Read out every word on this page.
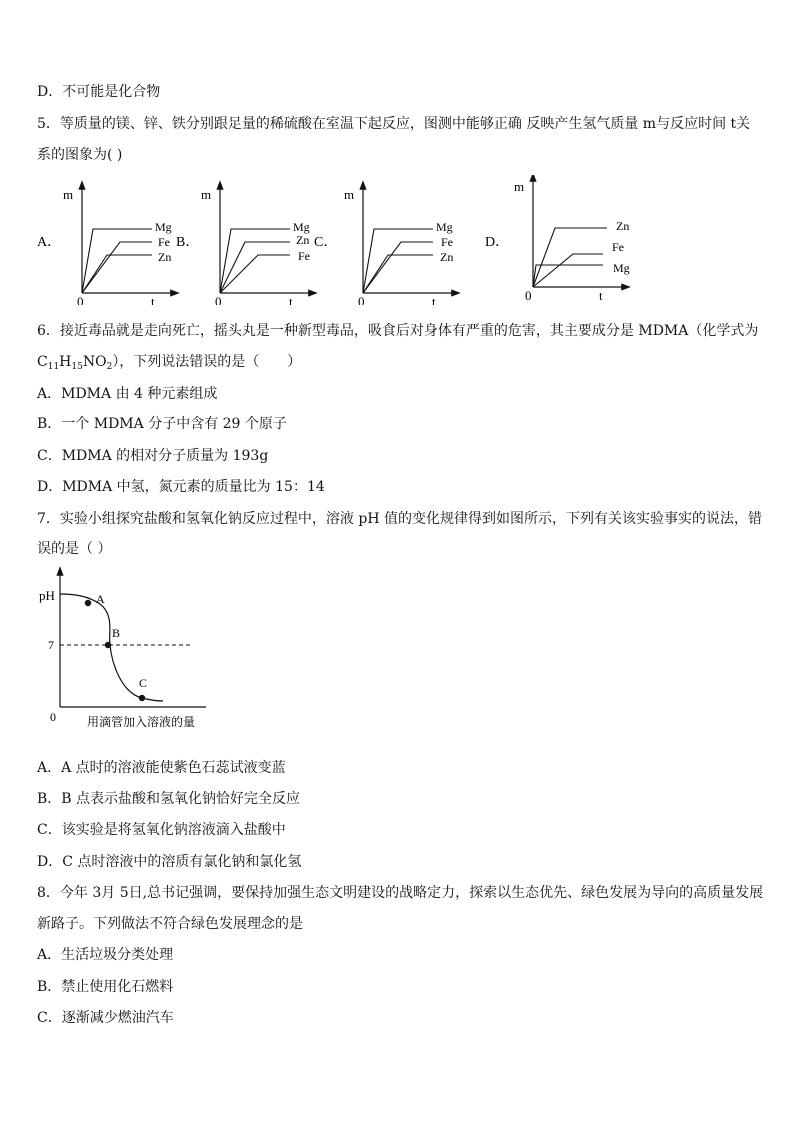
D．不可能是化合物
5．等质量的镁、锌、铁分别跟足量的稀硫酸在室温下起反应，图测中能够正确 反映产生氢气质量 m与反应时间 t关
系的图象为( )
A．
m
t
0
Mg
Fe
Zn
B．
m
t
0
Mg
Zn
Fe
C．
m
t
0
Mg
Fe
Zn
D．
m
t
0
Zn
Fe
Mg
6．接近毒品就是走向死亡，摇头丸是一种新型毒品，吸食后对身体有严重的危害，其主要成分是 MDMA（化学式为
$C_{11}H_{15}NO_2$），下列说法错误的是（　　）
A．MDMA 由 4 种元素组成
B．一个 MDMA 分子中含有 29 个原子
C．MDMA 的相对分子质量为 193g
D．MDMA 中氢，氮元素的质量比为 15：14
7．实验小组探究盐酸和氢氧化钠反应过程中，溶液 pH 值的变化规律得到如图所示，下列有关该实验事实的说法，错
误的是（ ）
pH
0
7
A
B
C
用滴管加入溶液的量
A．A 点时的溶液能使紫色石蕊试液变蓝
B．B 点表示盐酸和氢氧化钠恰好完全反应
C．该实验是将氢氧化钠溶液滴入盐酸中
D．C 点时溶液中的溶质有氯化钠和氯化氢
8．今年 3月 5日,总书记强调，要保持加强生态文明建设的战略定力，探索以生态优先、绿色发展为导向的高质量发展
新路子。下列做法不符合绿色发展理念的是
A．生活垃圾分类处理
B．禁止使用化石燃料
C．逐渐减少燃油汽车
